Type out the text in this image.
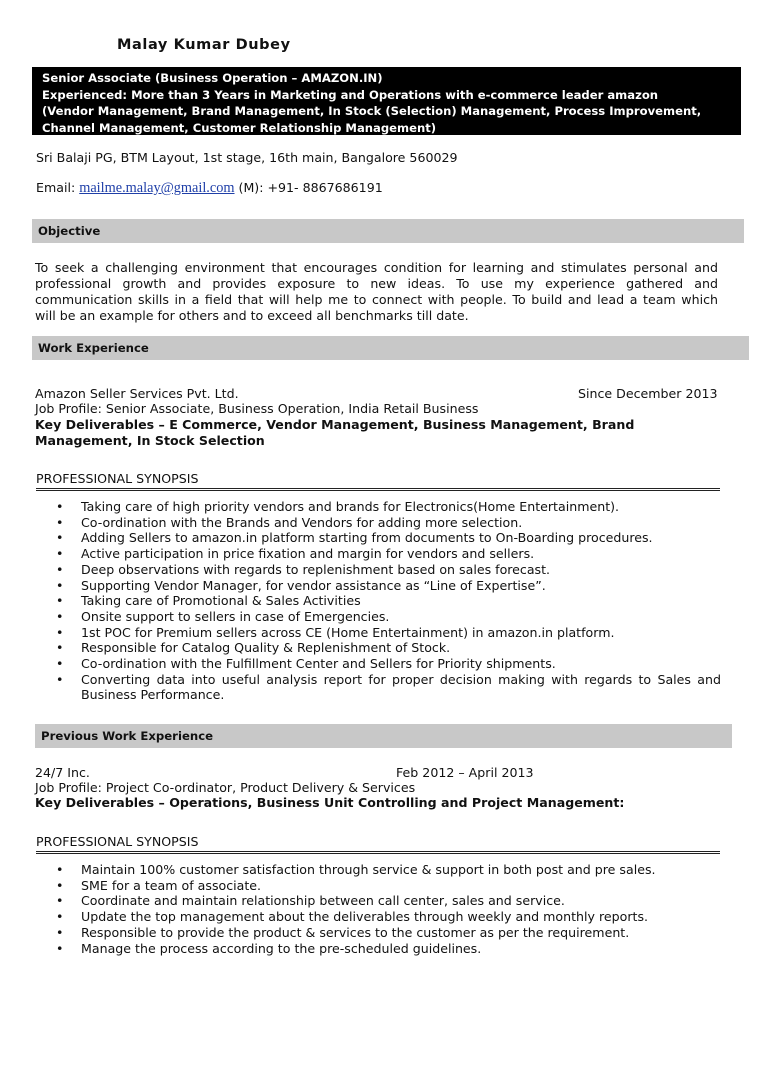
Malay Kumar Dubey
Senior Associate (Business Operation – AMAZON.IN)
Experienced: More than 3 Years in Marketing and Operations with e-commerce leader amazon
(Vendor Management, Brand Management, In Stock (Selection) Management, Process Improvement,
Channel Management, Customer Relationship Management)
Sri Balaji PG, BTM Layout, 1st stage, 16th main, Bangalore 560029
Email: mailme.malay@gmail.com (M): +91- 8867686191
Objective
To seek a challenging environment that encourages condition for learning and stimulates personal and
professional growth and provides exposure to new ideas. To use my experience gathered and
communication skills in a field that will help me to connect with people. To build and lead a team which
will be an example for others and to exceed all benchmarks till date.
Work Experience
Amazon Seller Services Pvt. Ltd.	Since December 2013
Job Profile: Senior Associate, Business Operation, India Retail Business
Key Deliverables – E Commerce, Vendor Management, Business Management, Brand
Management, In Stock Selection
PROFESSIONAL SYNOPSIS
• Taking care of high priority vendors and brands for Electronics(Home Entertainment).
• Co-ordination with the Brands and Vendors for adding more selection.
• Adding Sellers to amazon.in platform starting from documents to On-Boarding procedures.
• Active participation in price fixation and margin for vendors and sellers.
• Deep observations with regards to replenishment based on sales forecast.
• Supporting Vendor Manager, for vendor assistance as “Line of Expertise”.
• Taking care of Promotional & Sales Activities
• Onsite support to sellers in case of Emergencies.
• 1st POC for Premium sellers across CE (Home Entertainment) in amazon.in platform.
• Responsible for Catalog Quality & Replenishment of Stock.
• Co-ordination with the Fulfillment Center and Sellers for Priority shipments.
• Converting data into useful analysis report for proper decision making with regards to Sales and Business Performance.
Previous Work Experience
24/7 Inc.	Feb 2012 – April 2013
Job Profile: Project Co-ordinator, Product Delivery & Services
Key Deliverables – Operations, Business Unit Controlling and Project Management:
PROFESSIONAL SYNOPSIS
• Maintain 100% customer satisfaction through service & support in both post and pre sales.
• SME for a team of associate.
• Coordinate and maintain relationship between call center, sales and service.
• Update the top management about the deliverables through weekly and monthly reports.
• Responsible to provide the product & services to the customer as per the requirement.
• Manage the process according to the pre-scheduled guidelines.
